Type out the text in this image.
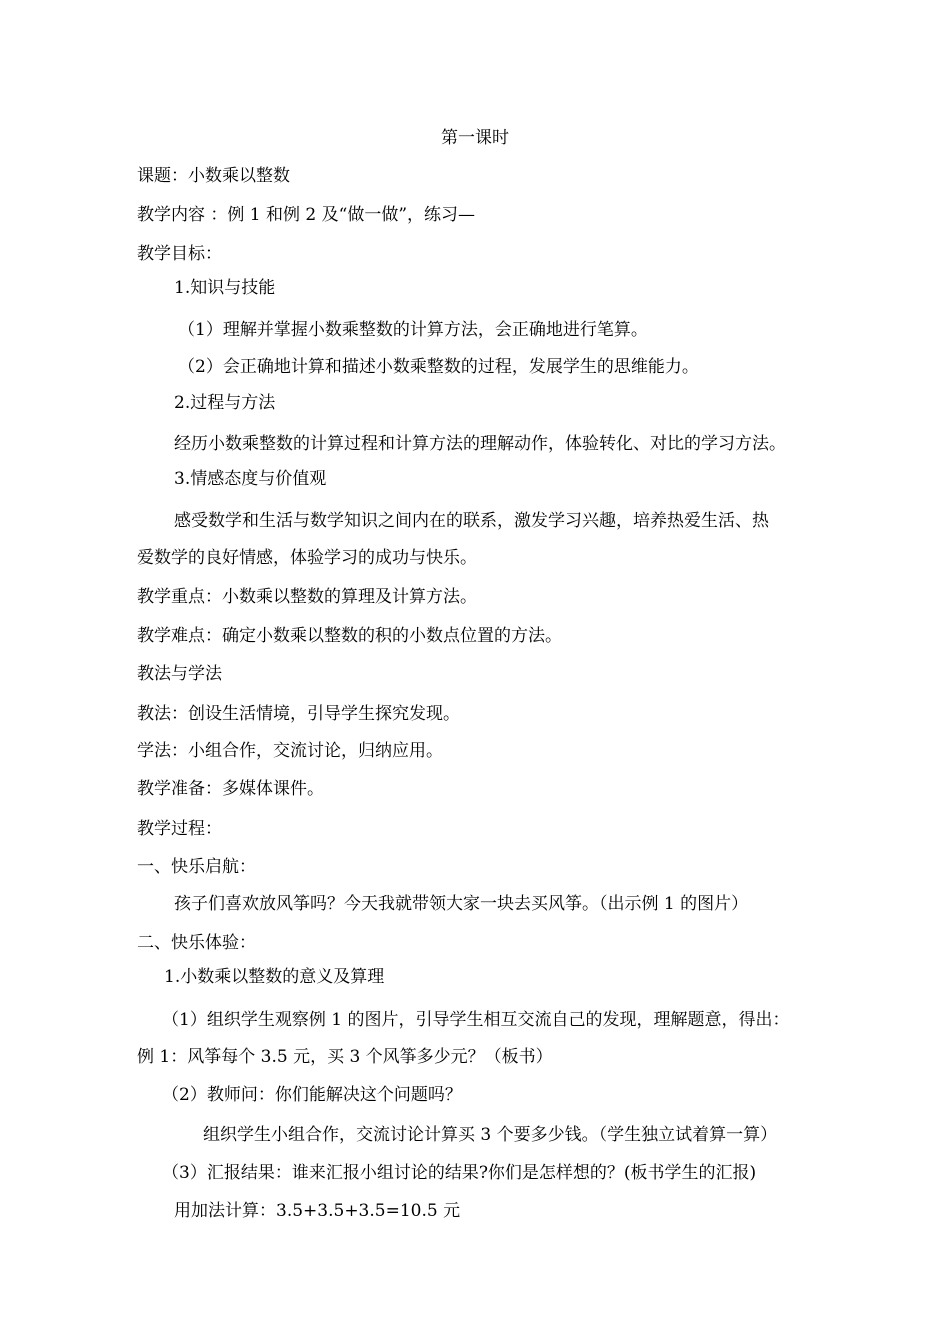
第一课时
课题：小数乘以整数
教学内容 ：例 1 和例 2 及“做一做”，练习—
教学目标：
1.知识与技能
（1）理解并掌握小数乘整数的计算方法，会正确地进行笔算。
（2）会正确地计算和描述小数乘整数的过程，发展学生的思维能力。
2.过程与方法
经历小数乘整数的计算过程和计算方法的理解动作，体验转化、对比的学习方法。
3.情感态度与价值观
感受数学和生活与数学知识之间内在的联系，激发学习兴趣，培养热爱生活、热
爱数学的良好情感，体验学习的成功与快乐。
教学重点：小数乘以整数的算理及计算方法。
教学难点：确定小数乘以整数的积的小数点位置的方法。
教法与学法
教法：创设生活情境，引导学生探究发现。
学法：小组合作，交流讨论，归纳应用。
教学准备：多媒体课件。
教学过程：
一、快乐启航：
孩子们喜欢放风筝吗？今天我就带领大家一块去买风筝。（出示例 1 的图片）
二、快乐体验：
1.小数乘以整数的意义及算理
（1）组织学生观察例 1 的图片，引导学生相互交流自己的发现，理解题意，得出：
例 1：风筝每个 3.5 元，买 3 个风筝多少元？（板书）
（2）教师问：你们能解决这个问题吗？
组织学生小组合作，交流讨论计算买 3 个要多少钱。（学生独立试着算一算）
（3）汇报结果：谁来汇报小组讨论的结果?你们是怎样想的？(板书学生的汇报)
用加法计算：3.5+3.5+3.5=10.5 元
